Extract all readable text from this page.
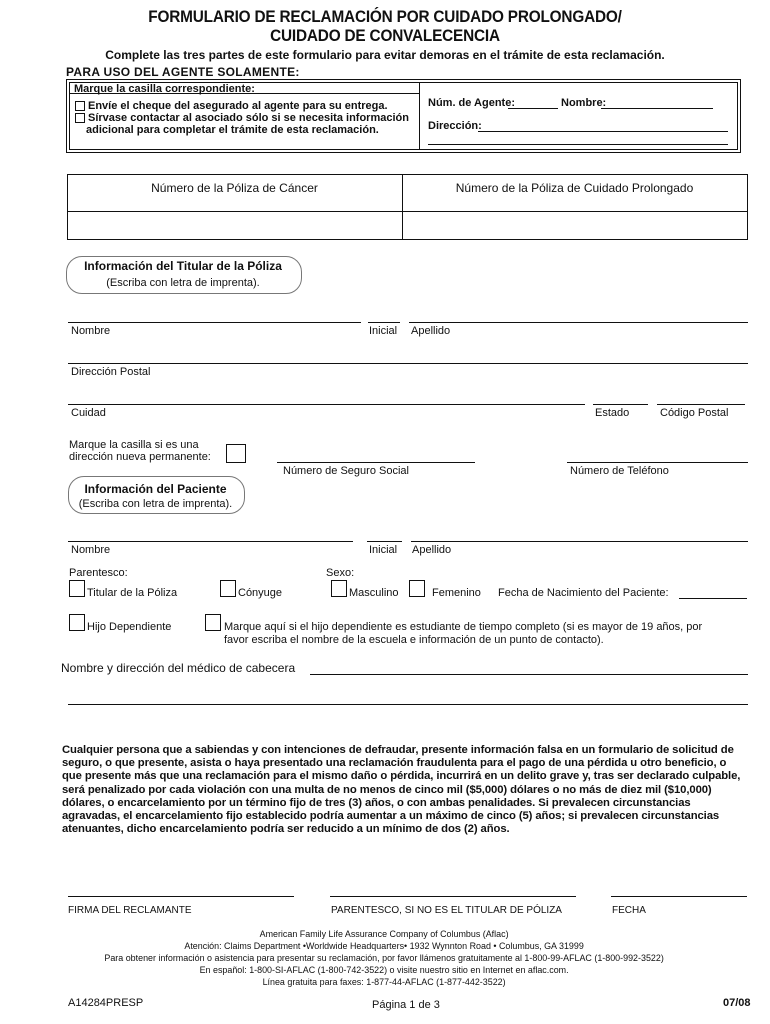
FORMULARIO DE RECLAMACIÓN POR CUIDADO PROLONGADO/
CUIDADO DE CONVALECENCIA
Complete las tres partes de este formulario para evitar demoras en el trámite de esta reclamación.
PARA USO DEL AGENTE SOLAMENTE:
Marque la casilla correspondiente:
Envíe el cheque del asegurado al agente para su entrega.
Sírvase contactar al asociado sólo si se necesita información
adicional para completar el trámite de esta reclamación.
Núm. de Agente:	Nombre:
Dirección:
Número de la Póliza de Cáncer	Número de la Póliza de Cuidado Prolongado
Información del Titular de la Póliza
(Escriba con letra de imprenta).
Nombre	Inicial Apellido
Dirección Postal
Cuidad	Estado	Código Postal
Marque la casilla si es una
dirección nueva permanente:
Número de Seguro Social	Número de Teléfono
Información del Paciente
(Escriba con letra de imprenta).
Nombre	Inicial Apellido
Parentesco:	Sexo:
Titular de la Póliza	Cónyuge	Masculino	Femenino Fecha de Nacimiento del Paciente:
Hijo Dependiente	Marque aquí si el hijo dependiente es estudiante de tiempo completo (si es mayor de 19 años, por
favor escriba el nombre de la escuela e información de un punto de contacto).
Nombre y dirección del médico de cabecera
Cualquier persona que a sabiendas y con intenciones de defraudar, presente información falsa en un formulario de solicitud de seguro, o que presente, asista o haya presentado una reclamación fraudulenta para el pago de una pérdida u otro beneficio, o que presente más que una reclamación para el mismo daño o pérdida, incurrirá en un delito grave y, tras ser declarado culpable, será penalizado por cada violación con una multa de no menos de cinco mil ($5,000) dólares o no más de diez mil ($10,000) dólares, o encarcelamiento por un término fijo de tres (3) años, o con ambas penalidades. Si prevalecen circunstancias agravadas, el encarcelamiento fijo establecido podría aumentar a un máximo de cinco (5) años; si prevalecen circunstancias atenuantes, dicho encarcelamiento podría ser reducido a un mínimo de dos (2) años.
FIRMA DEL RECLAMANTE	PARENTESCO, SI NO ES EL TITULAR DE PÓLIZA	FECHA
American Family Life Assurance Company of Columbus (Aflac)
Atención: Claims Department •Worldwide Headquarters• 1932 Wynnton Road • Columbus, GA 31999
Para obtener información o asistencia para presentar su reclamación, por favor llámenos gratuitamente al 1-800-99-AFLAC (1-800-992-3522)
En español: 1-800-SI-AFLAC (1-800-742-3522) o visite nuestro sitio en Internet en aflac.com.
Línea gratuita para faxes: 1-877-44-AFLAC (1-877-442-3522)
A14284PRESP	Página 1 de 3	07/08
